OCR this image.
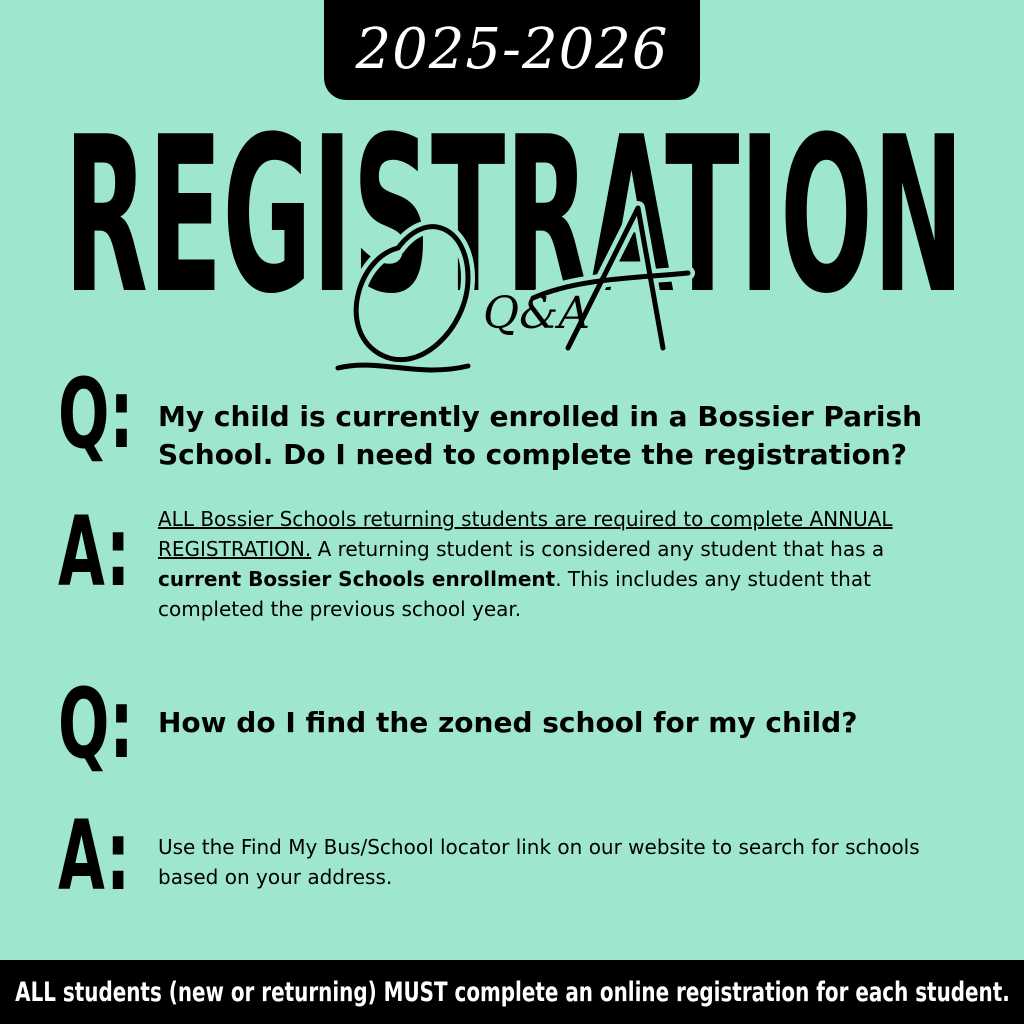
2025-2026
REGISTRATION
Q&A
Q: My child is currently enrolled in a Bossier Parish School. Do I need to complete the registration?
A: ALL Bossier Schools returning students are required to complete ANNUAL REGISTRATION. A returning student is considered any student that has a current Bossier Schools enrollment. This includes any student that completed the previous school year.
Q: How do I find the zoned school for my child?
A: Use the Find My Bus/School locator link on our website to search for schools based on your address.
ALL students (new or returning) MUST complete an online registration for each student.
